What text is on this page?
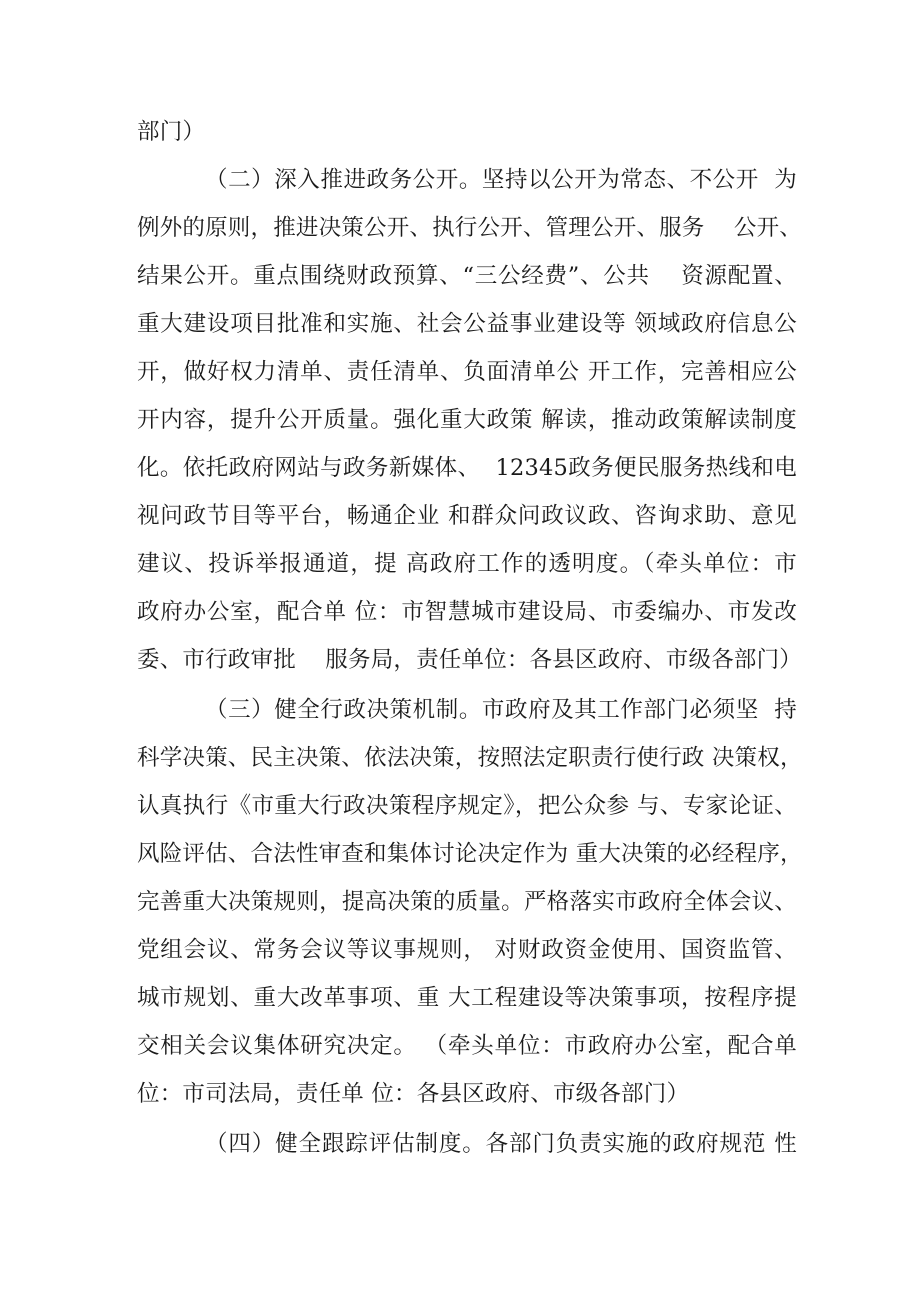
部门）
（二）深入推进政务公开。坚持以公开为常态、不公开  为
例外的原则，推进决策公开、执行公开、管理公开、服务    公开、
结果公开。重点围绕财政预算、“三公经费”、公共    资源配置、
重大建设项目批准和实施、社会公益事业建设等 领域政府信息公
开，做好权力清单、责任清单、负面清单公 开工作，完善相应公
开内容，提升公开质量。强化重大政策 解读，推动政策解读制度
化。依托政府网站与政务新媒体、  12345政务便民服务热线和电
视问政节目等平台，畅通企业 和群众问政议政、咨询求助、意见
建议、投诉举报通道，提 高政府工作的透明度。（牵头单位：市
政府办公室，配合单 位：市智慧城市建设局、市委编办、市发改
委、市行政审批    服务局，责任单位：各县区政府、市级各部门）
（三）健全行政决策机制。市政府及其工作部门必须坚  持
科学决策、民主决策、依法决策，按照法定职责行使行政 决策权，
认真执行《市重大行政决策程序规定》，把公众参 与、专家论证、
风险评估、合法性审查和集体讨论决定作为 重大决策的必经程序，
完善重大决策规则，提高决策的质量。严格落实市政府全体会议、
党组会议、常务会议等议事规则， 对财政资金使用、国资监管、
城市规划、重大改革事项、重 大工程建设等决策事项，按程序提
交相关会议集体研究决定。 （牵头单位：市政府办公室，配合单
位：市司法局，责任单 位：各县区政府、市级各部门）
（四）健全跟踪评估制度。各部门负责实施的政府规范 性
